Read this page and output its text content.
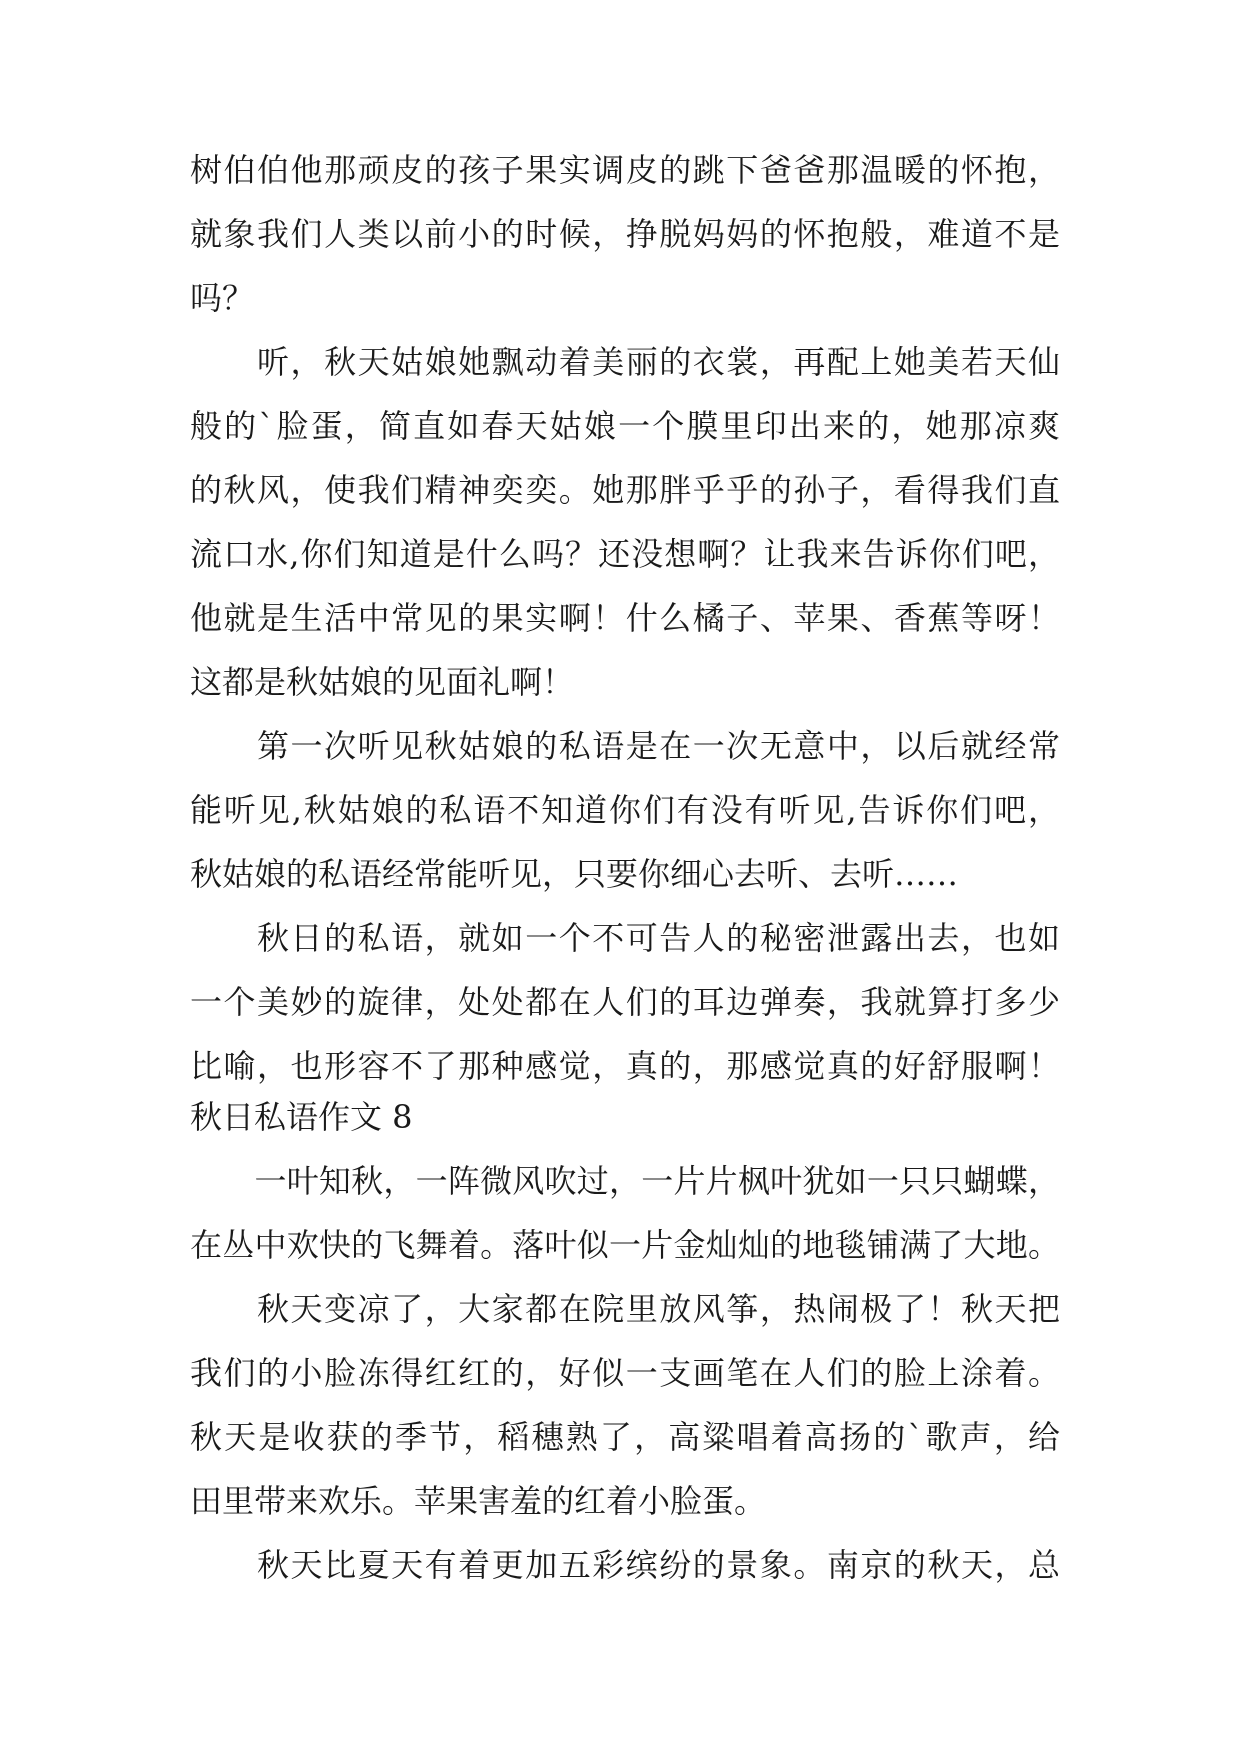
树伯伯他那顽皮的孩子果实调皮的跳下爸爸那温暖的怀抱，
就象我们人类以前小的时候，挣脱妈妈的怀抱般，难道不是
吗？
　　听，秋天姑娘她飘动着美丽的衣裳，再配上她美若天仙
般的`脸蛋，简直如春天姑娘一个膜里印出来的，她那凉爽
的秋风，使我们精神奕奕。她那胖乎乎的孙子，看得我们直
流口水,你们知道是什么吗？还没想啊？让我来告诉你们吧，
他就是生活中常见的果实啊！什么橘子、苹果、香蕉等呀！
这都是秋姑娘的见面礼啊！
　　第一次听见秋姑娘的私语是在一次无意中，以后就经常
能听见,秋姑娘的私语不知道你们有没有听见,告诉你们吧，
秋姑娘的私语经常能听见，只要你细心去听、去听……
　　秋日的私语，就如一个不可告人的秘密泄露出去，也如
一个美妙的旋律，处处都在人们的耳边弹奏，我就算打多少
比喻，也形容不了那种感觉，真的，那感觉真的好舒服啊！
秋日私语作文 8
　　一叶知秋，一阵微风吹过，一片片枫叶犹如一只只蝴蝶，
在丛中欢快的飞舞着。落叶似一片金灿灿的地毯铺满了大地。
　　秋天变凉了，大家都在院里放风筝，热闹极了！秋天把
我们的小脸冻得红红的，好似一支画笔在人们的脸上涂着。
秋天是收获的季节，稻穗熟了，高粱唱着高扬的`歌声，给
田里带来欢乐。苹果害羞的红着小脸蛋。
　　秋天比夏天有着更加五彩缤纷的景象。南京的秋天，总
